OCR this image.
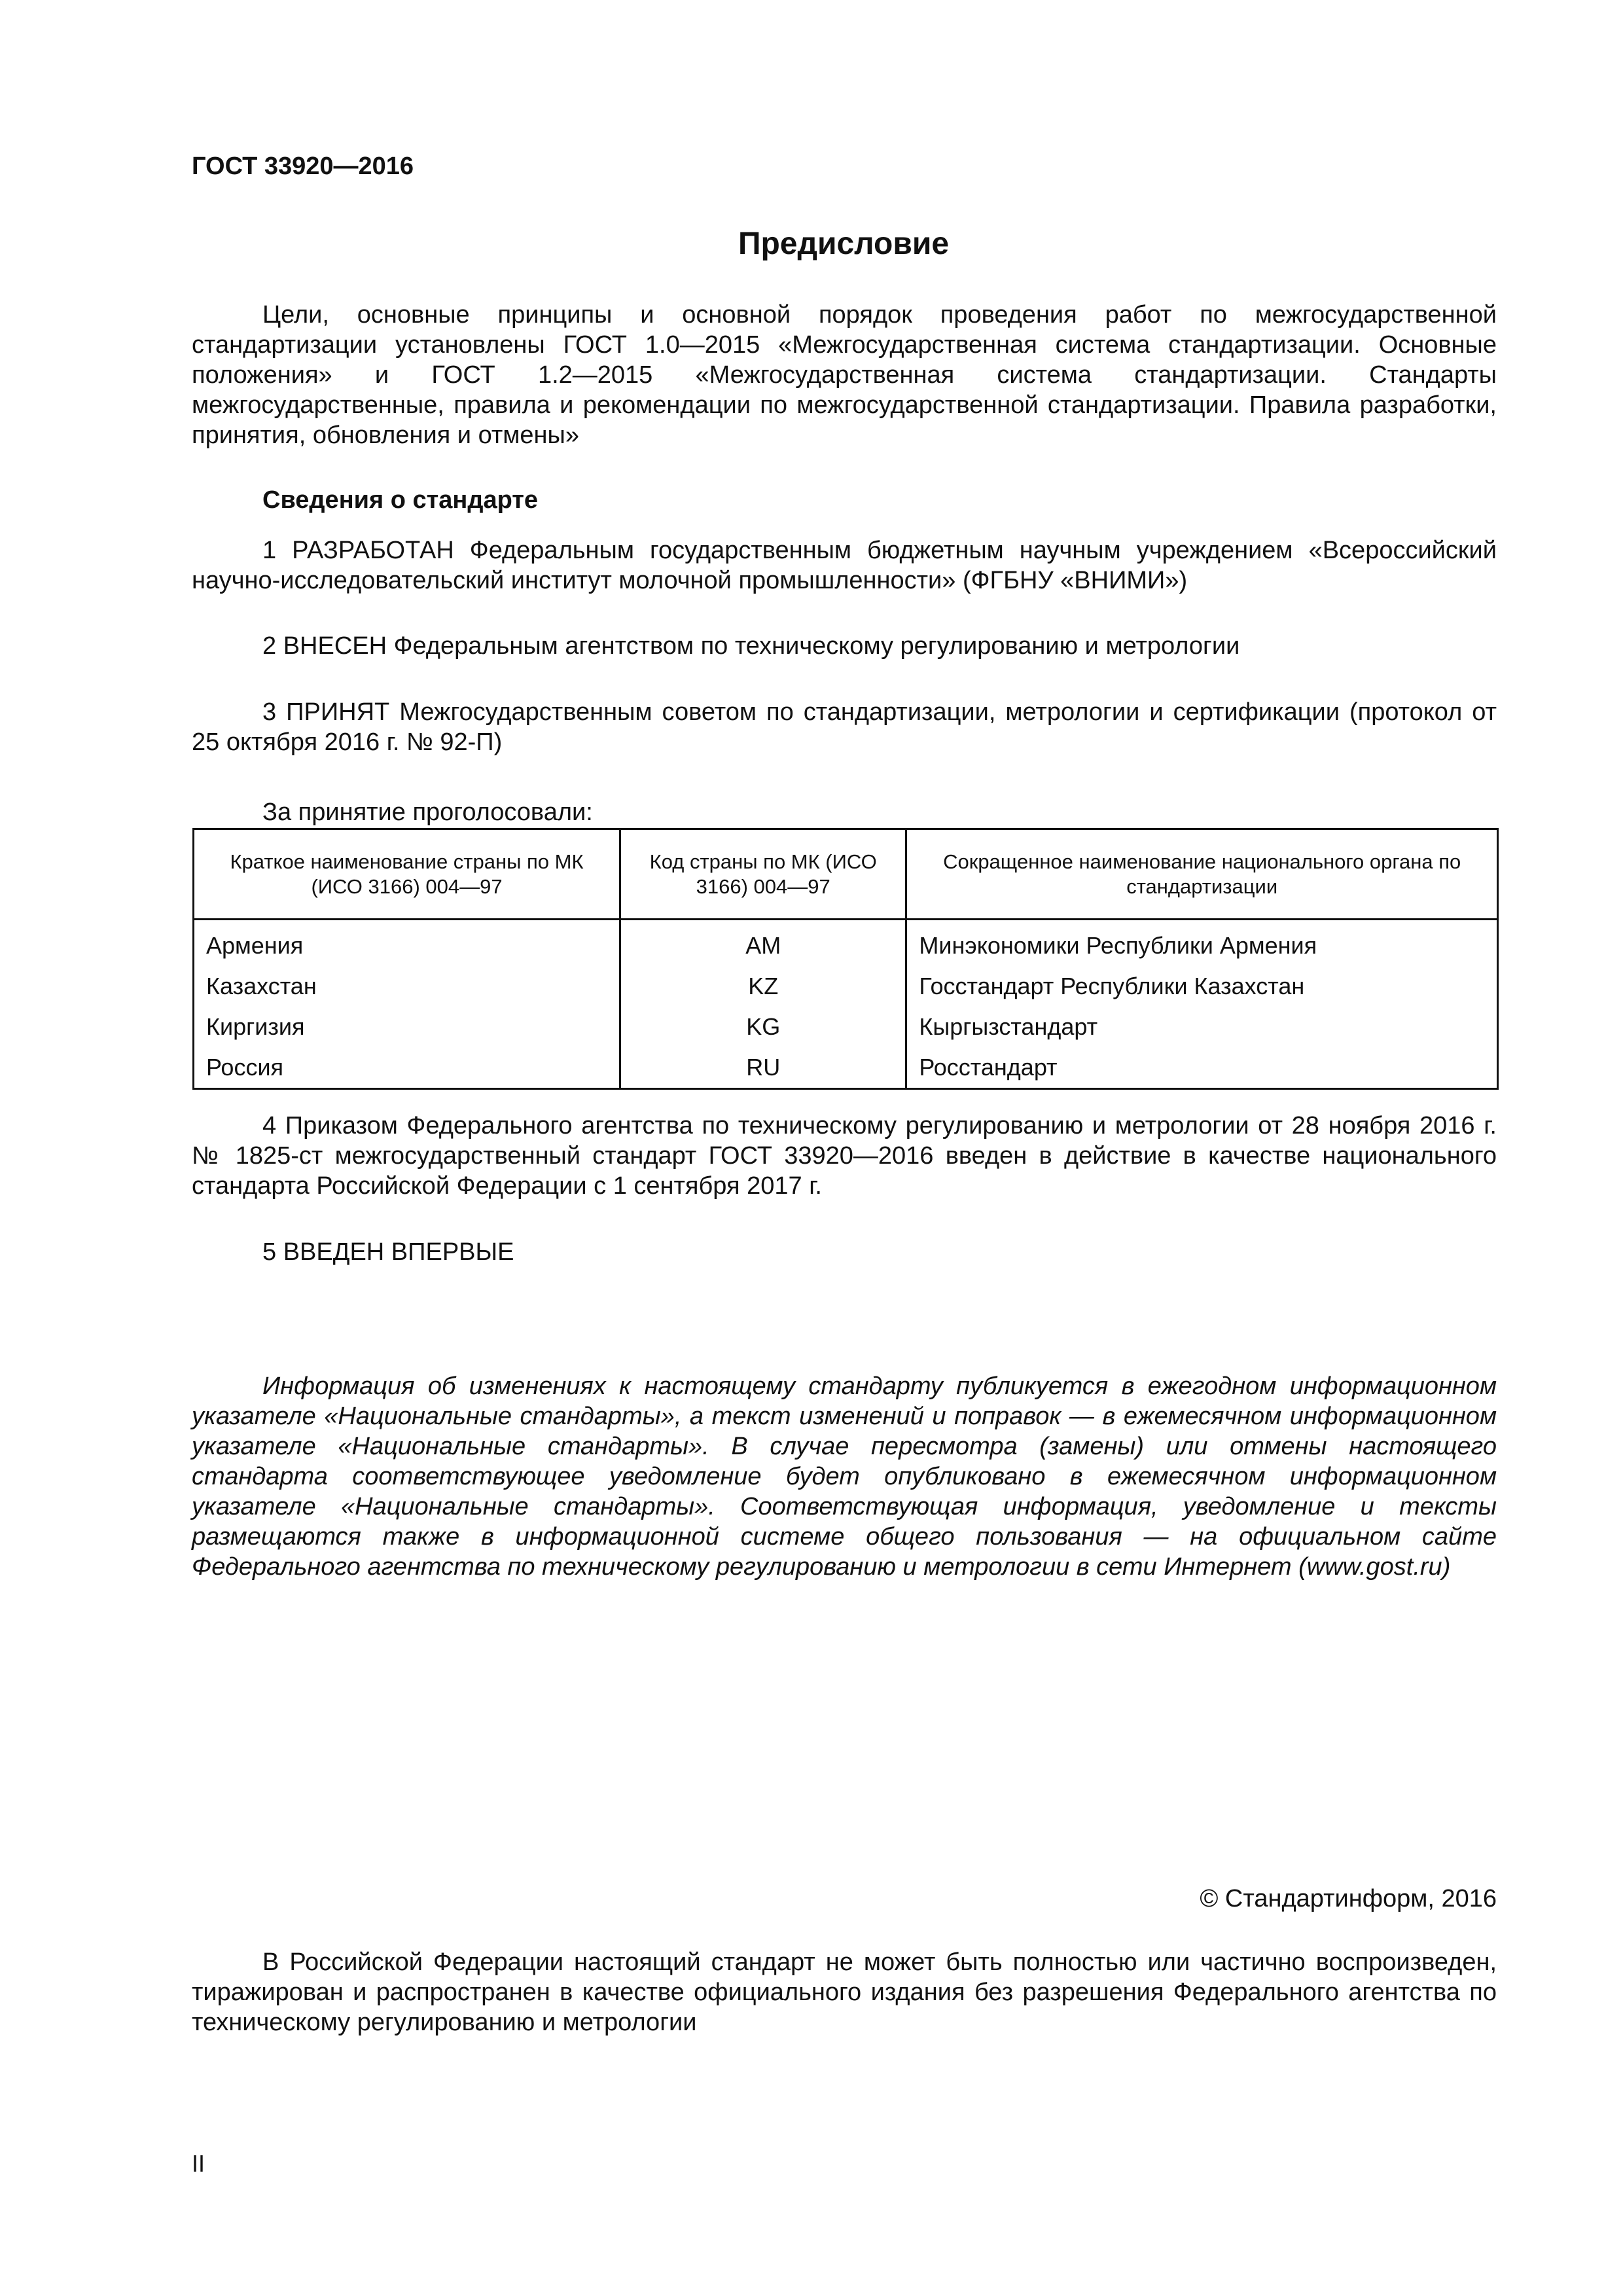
ГОСТ 33920—2016

Предисловие

Цели, основные принципы и основной порядок проведения работ по межгосударственной стандартизации установлены ГОСТ 1.0—2015 «Межгосударственная система стандартизации. Основные положения» и ГОСТ 1.2—2015 «Межгосударственная система стандартизации. Стандарты межгосударственные, правила и рекомендации по межгосударственной стандартизации. Правила разработки, принятия, обновления и отмены»

Сведения о стандарте

1 РАЗРАБОТАН Федеральным государственным бюджетным научным учреждением «Всероссийский научно-исследовательский институт молочной промышленности» (ФГБНУ «ВНИМИ»)

2 ВНЕСЕН Федеральным агентством по техническому регулированию и метрологии

3 ПРИНЯТ Межгосударственным советом по стандартизации, метрологии и сертификации (протокол от 25 октября 2016 г. № 92-П)

За принятие проголосовали:

Краткое наименование страны по МК (ИСО 3166) 004—97	Код страны по МК (ИСО 3166) 004—97	Сокращенное наименование национального органа по стандартизации
Армения	AM	Минэкономики Республики Армения
Казахстан	KZ	Госстандарт Республики Казахстан
Киргизия	KG	Кыргызстандарт
Россия	RU	Росстандарт

4 Приказом Федерального агентства по техническому регулированию и метрологии от 28 ноября 2016 г. № 1825-ст межгосударственный стандарт ГОСТ 33920—2016 введен в действие в качестве национального стандарта Российской Федерации с 1 сентября 2017 г.

5 ВВЕДЕН ВПЕРВЫЕ

Информация об изменениях к настоящему стандарту публикуется в ежегодном информационном указателе «Национальные стандарты», а текст изменений и поправок — в ежемесячном информационном указателе «Национальные стандарты». В случае пересмотра (замены) или отмены настоящего стандарта соответствующее уведомление будет опубликовано в ежемесячном информационном указателе «Национальные стандарты». Соответствующая информация, уведомление и тексты размещаются также в информационной системе общего пользования — на официальном сайте Федерального агентства по техническому регулированию и метрологии в сети Интернет (www.gost.ru)

© Стандартинформ, 2016

В Российской Федерации настоящий стандарт не может быть полностью или частично воспроизведен, тиражирован и распространен в качестве официального издания без разрешения Федерального агентства по техническому регулированию и метрологии

II
